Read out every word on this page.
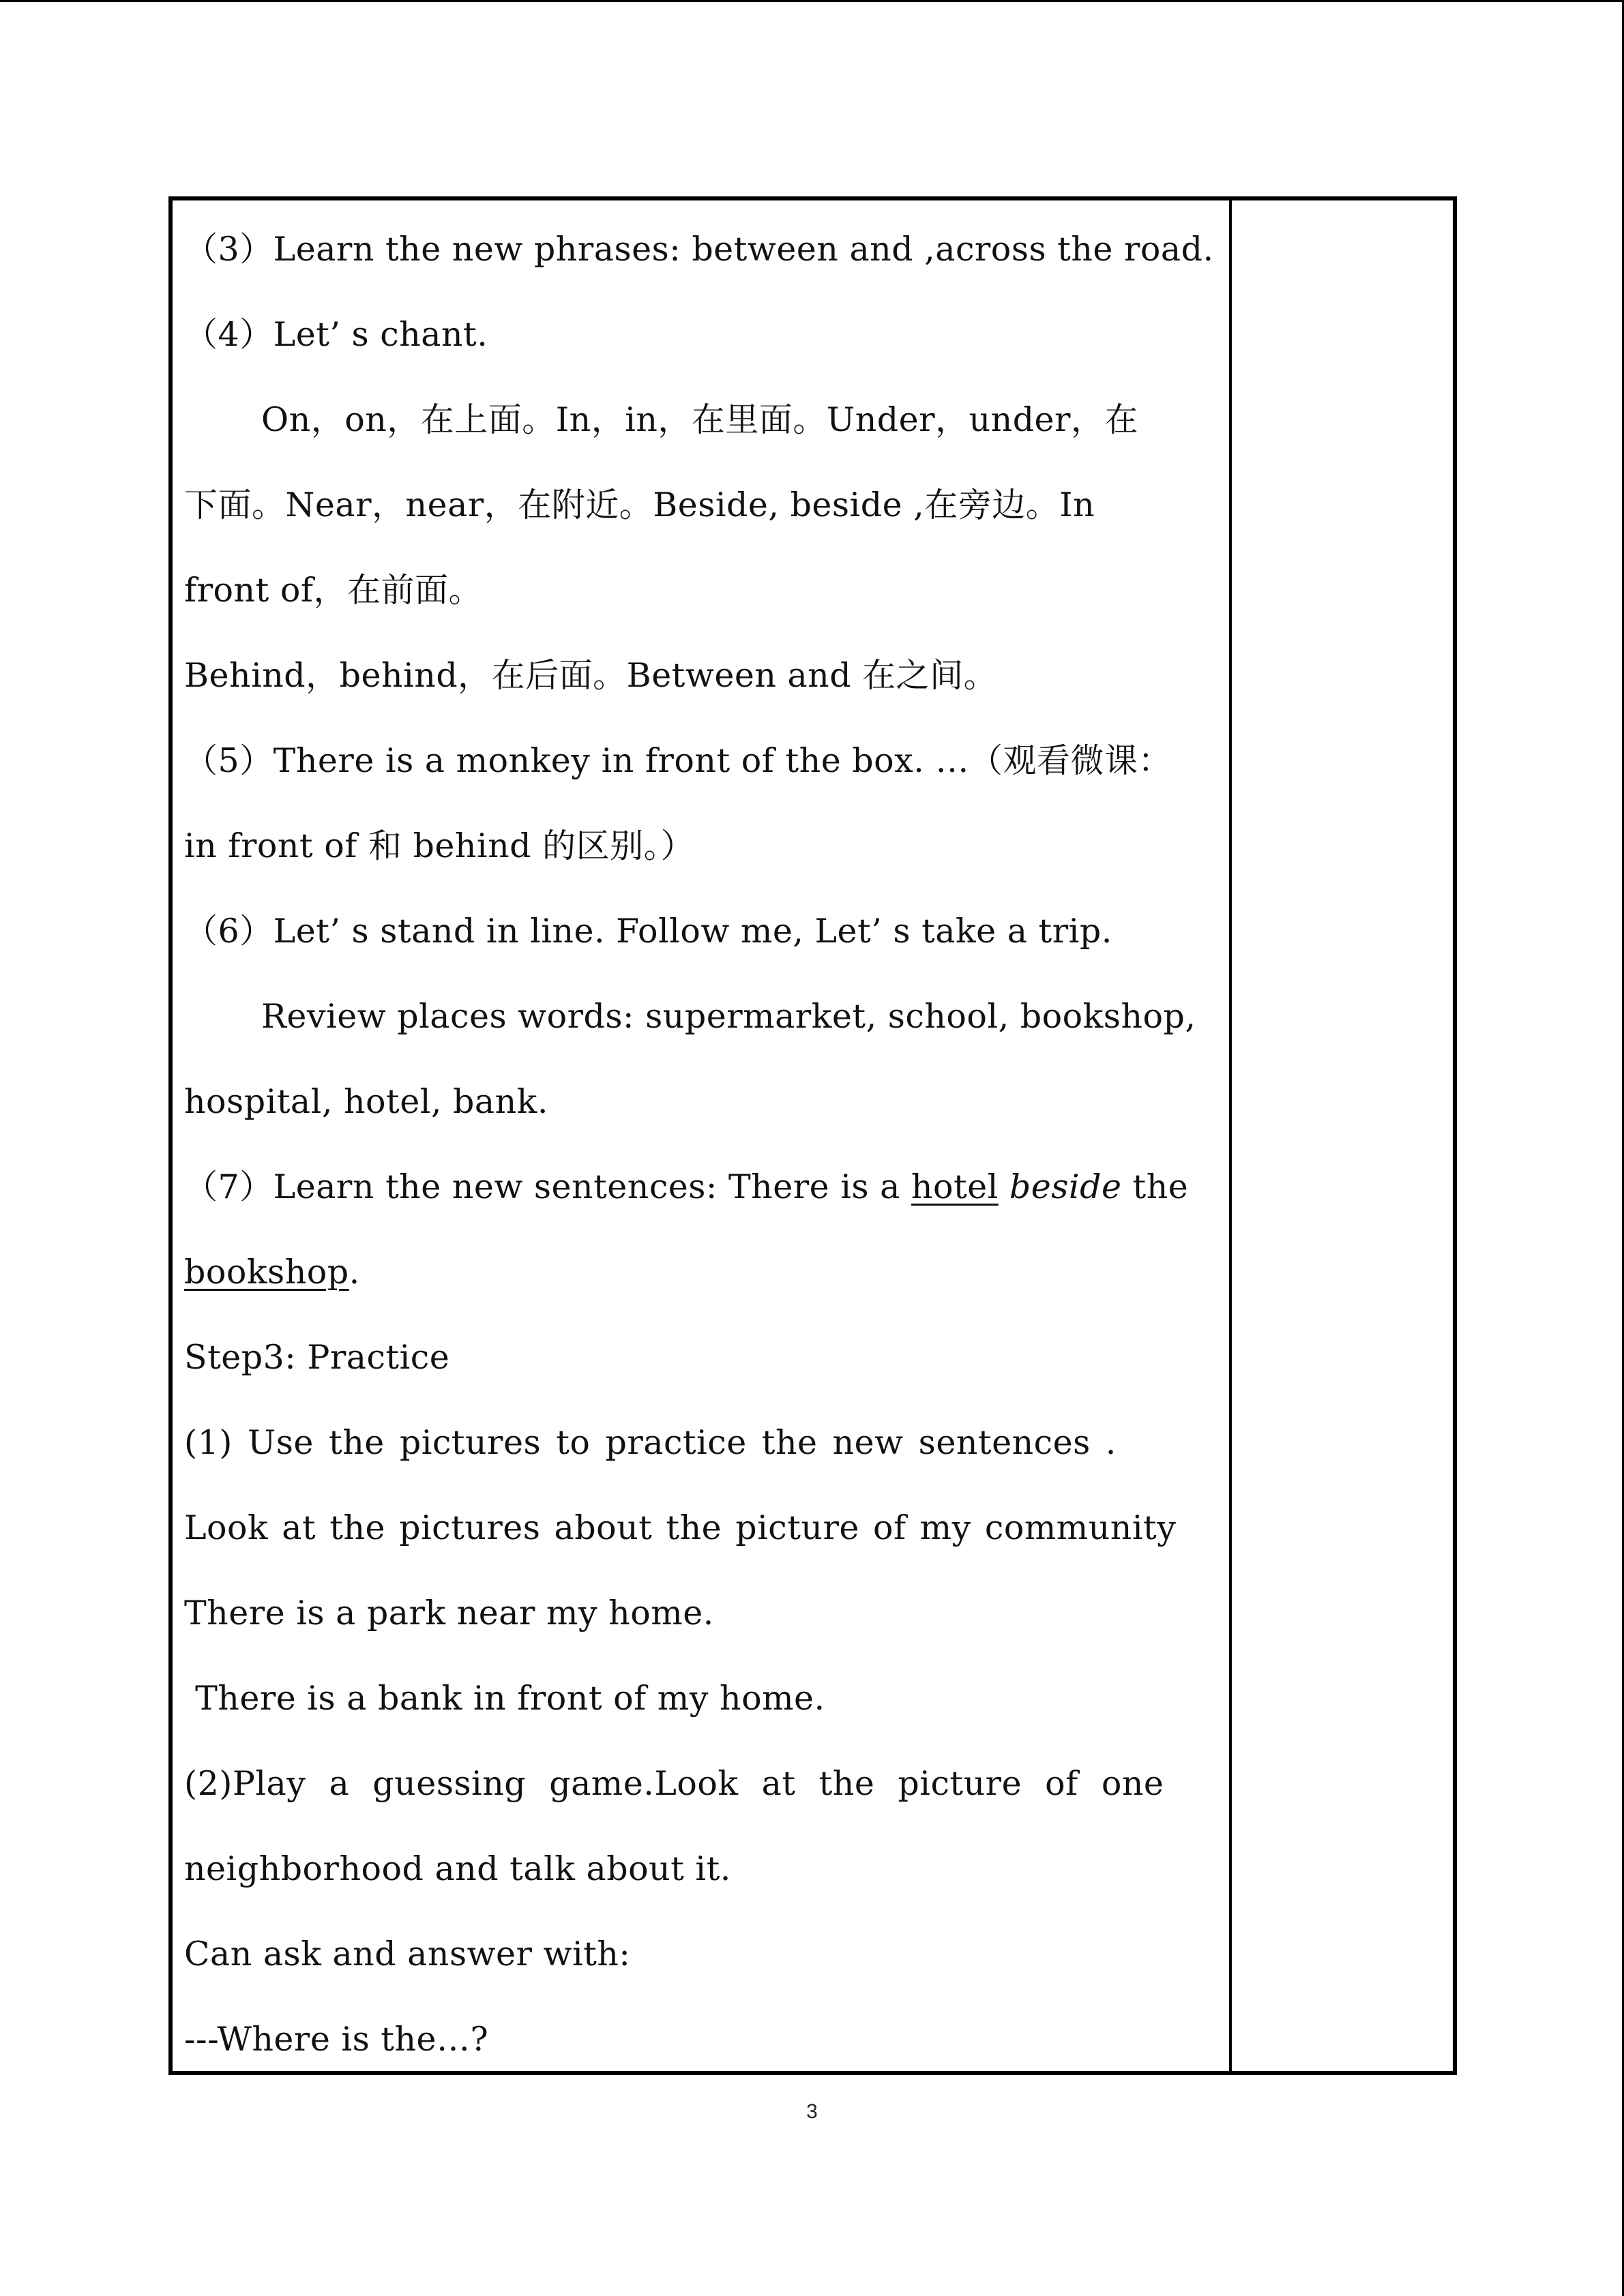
（3）Learn the new phrases: between and ,across the road.
（4）Let’ s chant.
On，on，在上面。In，in，在里面。Under，under，在
下面。Near，near，在附近。Beside, beside ,在旁边。In
front of，在前面。
Behind，behind，在后面。Between and 在之间。
（5）There is a monkey in front of the box. …（观看微课：
in front of 和 behind 的区别。）
（6）Let’ s stand in line. Follow me, Let’ s take a trip.
Review places words: supermarket, school, bookshop,
hospital, hotel, bank.
（7）Learn the new sentences: There is a hotel beside the
bookshop.
Step3: Practice
(1) Use the pictures to practice the new sentences .
Look at the pictures about the picture of my community
There is a park near my home.
There is a bank in front of my home.
(2)Play a guessing game.Look at the picture of one
neighborhood and talk about it.
Can ask and answer with:
---Where is the…?
3
